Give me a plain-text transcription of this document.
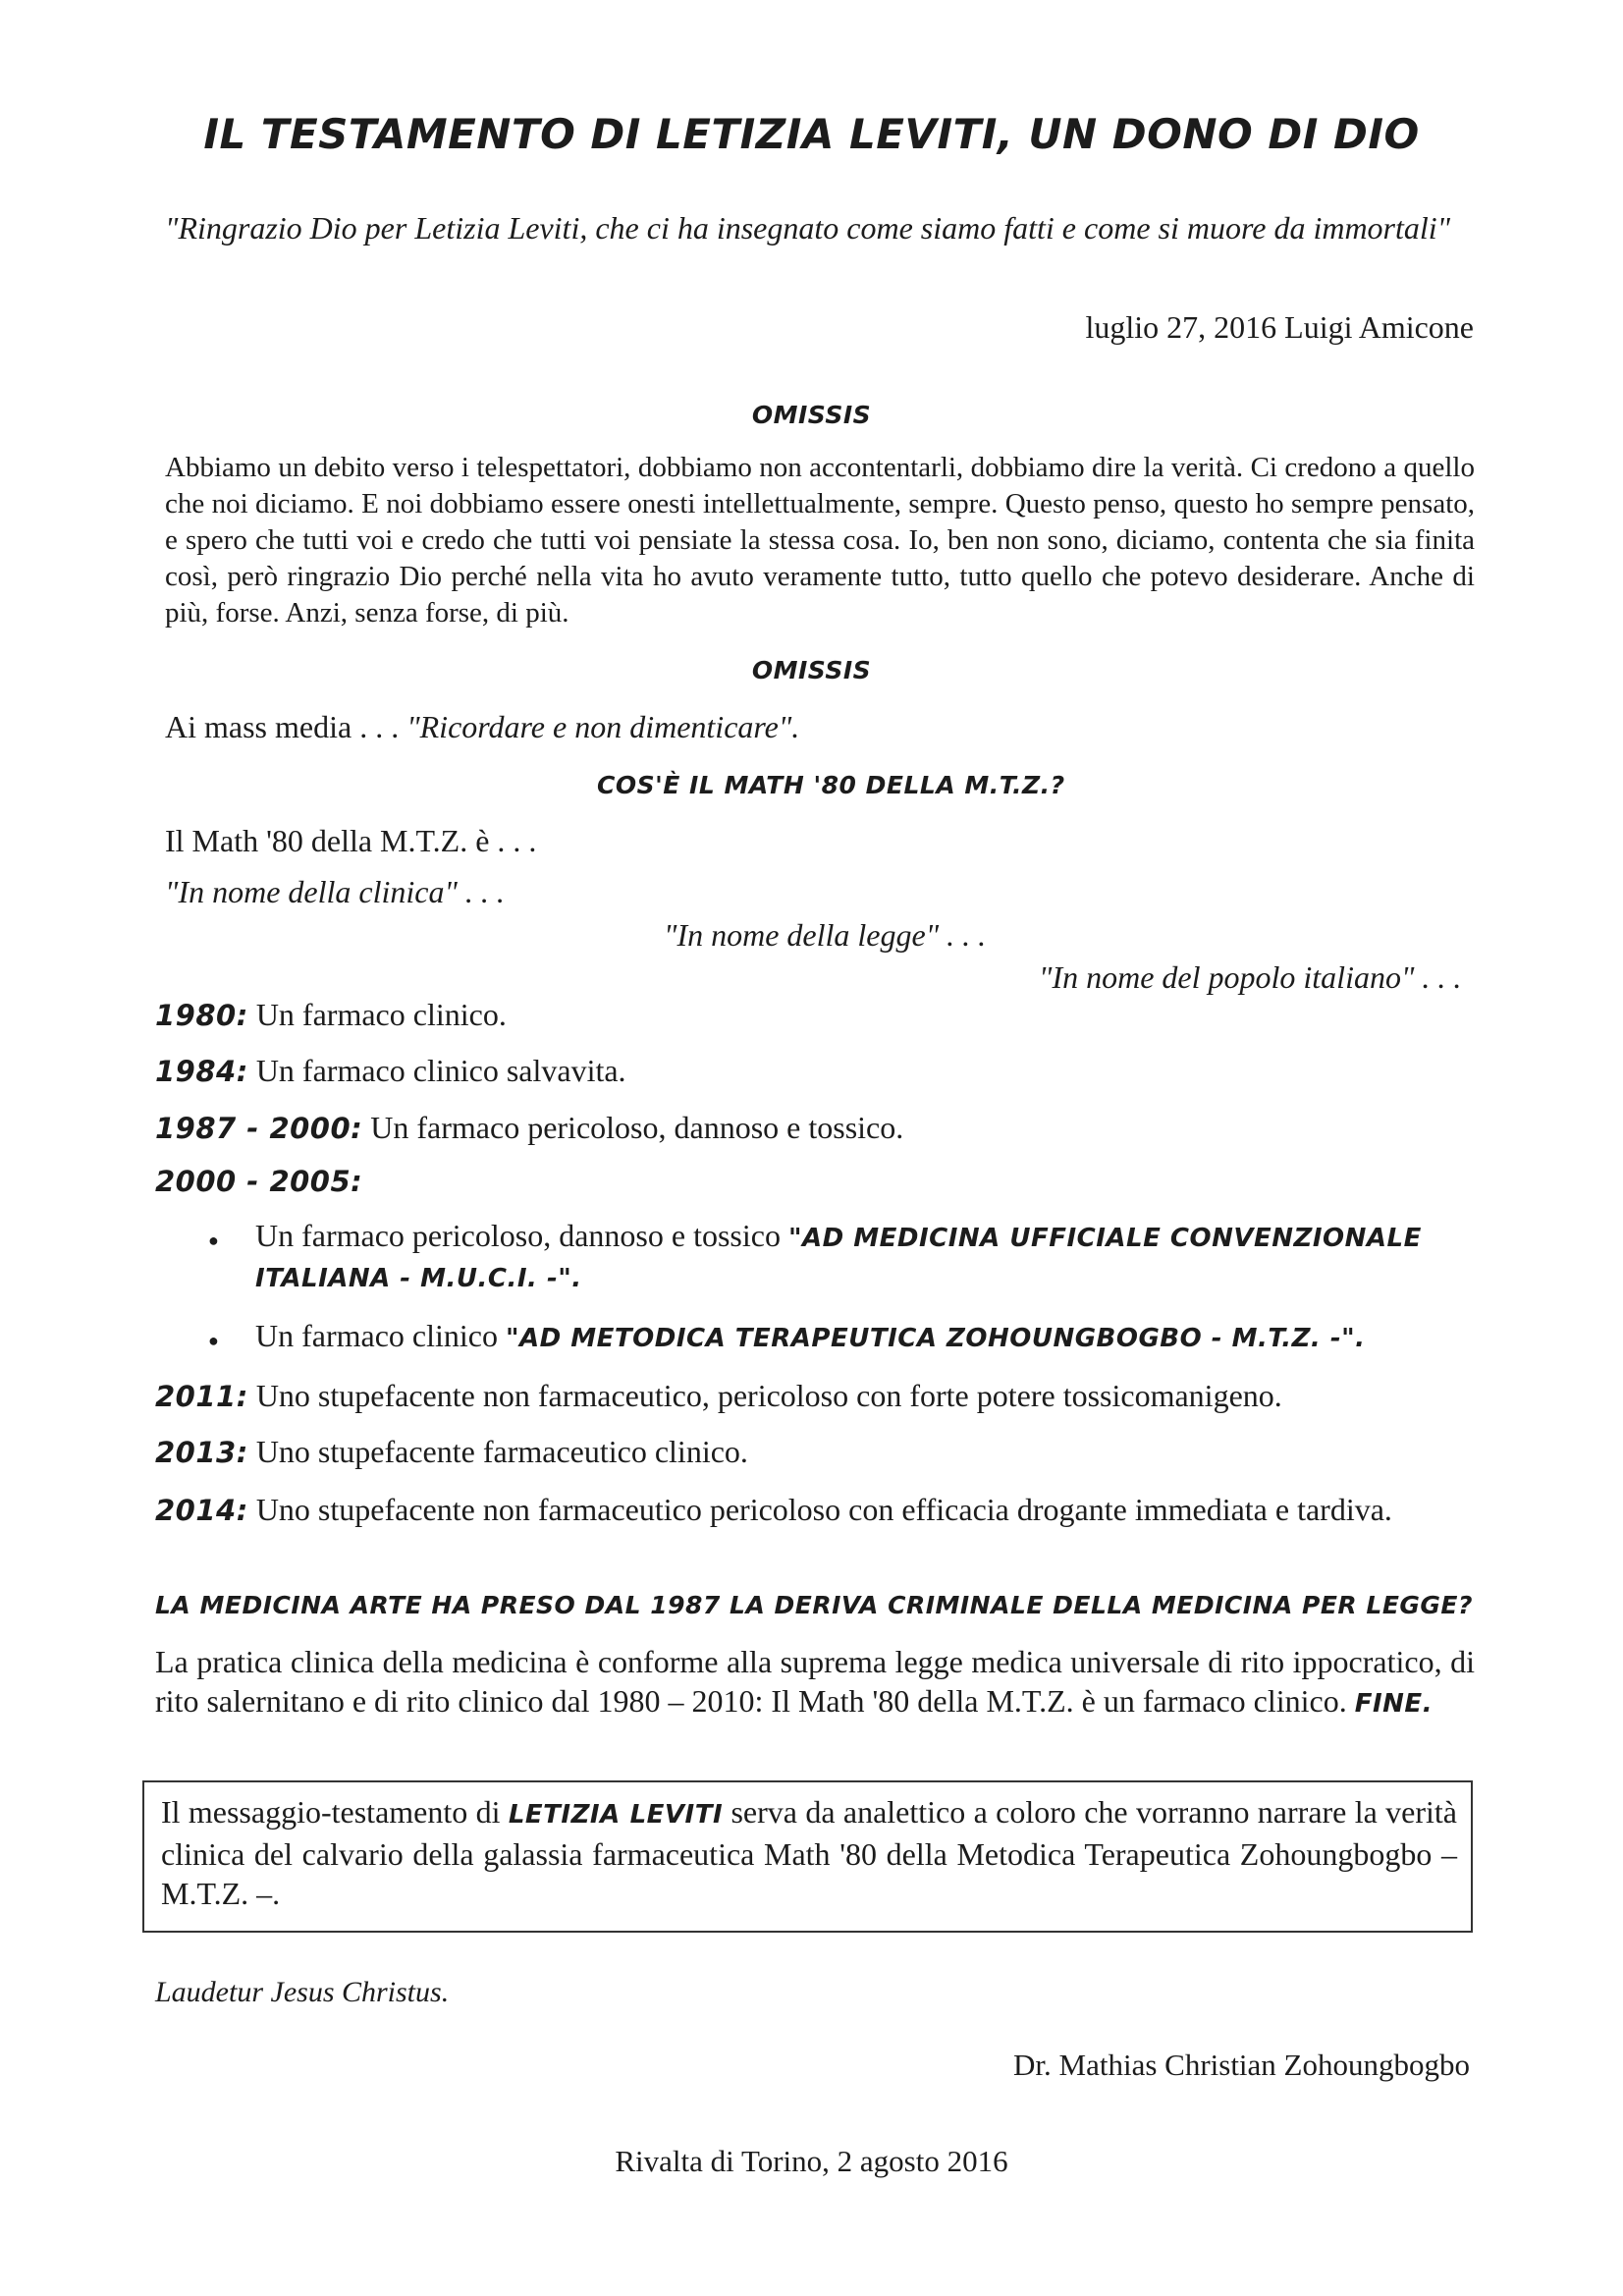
IL TESTAMENTO DI LETIZIA LEVITI, UN DONO DI DIO

"Ringrazio Dio per Letizia Leviti, che ci ha insegnato come siamo fatti e come si muore da immortali"

luglio 27, 2016 Luigi Amicone

OMISSIS

Abbiamo un debito verso i telespettatori, dobbiamo non accontentarli, dobbiamo dire la verità. Ci credono a quello che noi diciamo. E noi dobbiamo essere onesti intellettualmente, sempre. Questo penso, questo ho sempre pensato, e spero che tutti voi e credo che tutti voi pensiate la stessa cosa. Io, ben non sono, diciamo, contenta che sia finita così, però ringrazio Dio perché nella vita ho avuto veramente tutto, tutto quello che potevo desiderare. Anche di più, forse. Anzi, senza forse, di più.

OMISSIS

Ai mass media . . . "Ricordare e non dimenticare".

COS'È IL MATH '80 DELLA M.T.Z.?

Il Math '80 della M.T.Z. è . . .

"In nome della clinica" . . .

"In nome della legge" . . .

"In nome del popolo italiano" . . .

1980: Un farmaco clinico.

1984: Un farmaco clinico salvavita.

1987 - 2000: Un farmaco pericoloso, dannoso e tossico.

2000 - 2005:

● Un farmaco pericoloso, dannoso e tossico "AD MEDICINA UFFICIALE CONVENZIONALE

ITALIANA - M.U.C.I. -".

● Un farmaco clinico "AD METODICA TERAPEUTICA ZOHOUNGBOGBO - M.T.Z. -".

2011: Uno stupefacente non farmaceutico, pericoloso con forte potere tossicomanigeno.

2013: Uno stupefacente farmaceutico clinico.

2014: Uno stupefacente non farmaceutico pericoloso con efficacia drogante immediata e tardiva.

LA MEDICINA ARTE HA PRESO DAL 1987 LA DERIVA CRIMINALE DELLA MEDICINA PER LEGGE?

La pratica clinica della medicina è conforme alla suprema legge medica universale di rito ippocratico, di rito salernitano e di rito clinico dal 1980 – 2010: Il Math '80 della M.T.Z. è un farmaco clinico. FINE.

Il messaggio-testamento di LETIZIA LEVITI serva da analettico a coloro che vorranno narrare la verità clinica del calvario della galassia farmaceutica Math '80 della Metodica Terapeutica Zohoungbogbo – M.T.Z. –.

Laudetur Jesus Christus.

Dr. Mathias Christian Zohoungbogbo

Rivalta di Torino, 2 agosto 2016
